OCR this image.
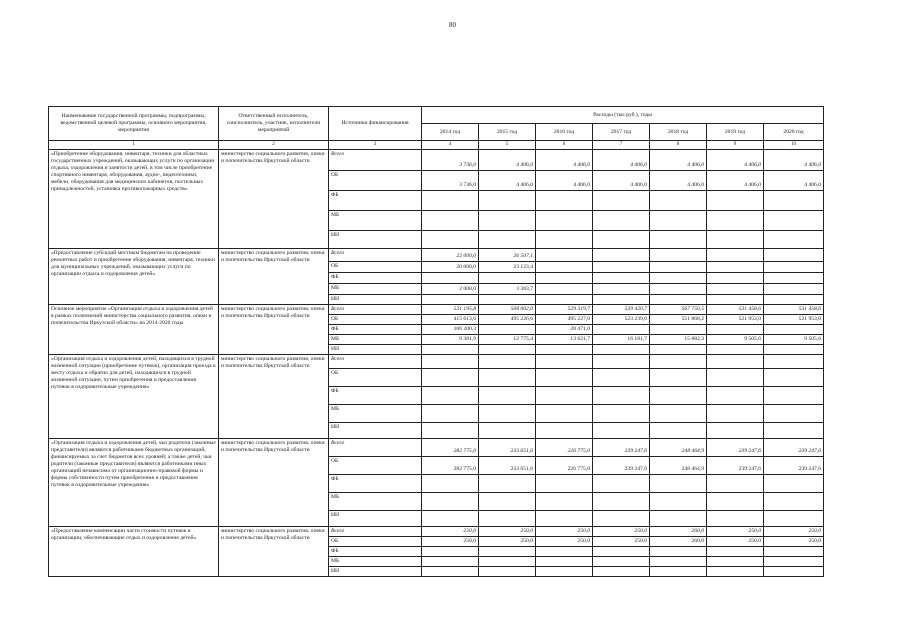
80
Наименование государственной программы, подпрограммы, ведомственной целевой программы, основного мероприятия, мероприятия	Ответственный исполнитель, соисполнитель, участник, исполнители мероприятий	Источники финансирования	Расходы (тыс.руб.), годы						
			2014 год	2015 год	2016 год	2017 год	2018 год	2019 год	2020 год
1	2	3	4	5	6	7	8	9	10
«Приобретение оборудования, инвентаря, техники для областных государственных учреждений, оказывающих услуги по организации отдыха, оздоровления и занятости детей, в том числе приобретение спортивного инвентаря, оборудования, аудио-, видеотехники, мебели, оборудования для медицинских кабинетов, постельных принадлежностей, установка противопожарных средств»	министерство социального развития, опеки и попечительства Иркутской области	Всего	3 736,0	4 406,0	4 406,0	4 406,0	4 406,0	4 406,0	4 406,0
		ОБ	3 736,0	4 406,0	4 406,0	4 406,0	4 406,0	4 406,0	4 406,0
		ФБ							
		МБ							
		ИИ							
«Предоставление субсидий местным бюджетам на проведение ремонтных работ и приобретение оборудования, инвентаря, техники для муниципальных учреждений, оказывающих услуги по организации отдыха и оздоровления детей»	министерство социального развития, опеки и попечительства Иркутской области	Всего	22 000,0	26 507,1					
		ОБ	20 000,0	23 123,4					
		ФБ							
		МБ	2 000,0	3 383,7					
		ИИ							
Основное мероприятие «Организация отдыха и оздоровления детей в рамках полномочий министерства социального развития, опеки и попечительства Иркутской области» на 2014-2020 годы	министерство социального развития, опеки и попечительства Иркутской области	Всего	531 195,8	508 002,0	529 319,7	539 420,7	567 750,5	531 458,6	531 458,6
		ОБ	415 613,6	495 226,6	495 227,0	523 239,0	551 868,2	521 953,0	521 953,0
		ФБ	106 200,3		20 471,0				
		МБ	9 381,9	12 775,4	13 621,7	16 181,7	15 882,3	9 505,6	9 505,6
		ИИ							
«Организация отдыха и оздоровления детей, находящихся в трудной жизненной ситуации (приобретение путевок), организация проезда к месту отдыха и обратно для детей, находящихся в трудной жизненной ситуации, путем приобретения и предоставления путевок в оздоровительные учреждения»	министерство социального развития, опеки и попечительства Иркутской области	Всего							
		ОБ							
		ФБ							
		МБ							
		ИИ							
«Организация отдыха и оздоровления детей, чьи родители (законные представители) являются работниками бюджетных организаций, финансируемых за счет бюджетов всех уровней; а также детей, чьи родители (законные представители) являются работниками иных организаций независимо от организационно-правовой формы и формы собственности путем приобретения и предоставления путевок в оздоровительные учреждения»	министерство социального развития, опеки и попечительства Иркутской области	Всего	282 775,0	233 651,6	226 775,0	239 247,6	248 464,9	239 247,6	239 247,6
		ОБ	282 775,0	233 651,6	226 775,0	239 247,6	248 464,9	239 247,6	239 247,6
		ФБ							
		МБ							
		ИИ							
«Предоставление компенсации части стоимости путевок в организации, обеспечивающие отдых и оздоровление детей»	министерство социального развития, опеки и попечительства Иркутской области	Всего	250,0	250,0	250,0	250,0	260,0	250,0	250,0
		ОБ	250,0	250,0	250,0	250,0	260,0	250,0	250,0
		ФБ							
		МБ							
		ИИ							
